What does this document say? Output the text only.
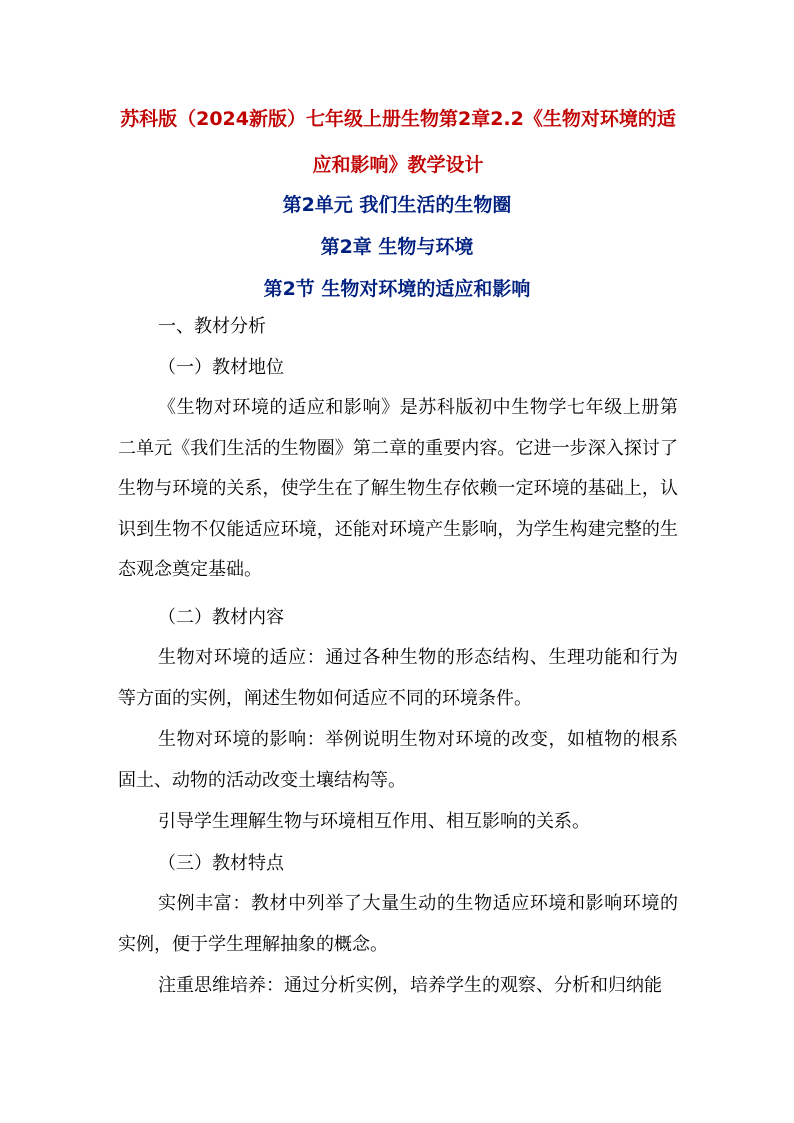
苏科版（2024新版）七年级上册生物第2章2.2《生物对环境的适应和影响》教学设计
第2单元 我们生活的生物圈
第2章 生物与环境
第2节 生物对环境的适应和影响
一、教材分析
（一）教材地位
《生物对环境的适应和影响》是苏科版初中生物学七年级上册第二单元《我们生活的生物圈》第二章的重要内容。它进一步深入探讨了生物与环境的关系，使学生在了解生物生存依赖一定环境的基础上，认识到生物不仅能适应环境，还能对环境产生影响，为学生构建完整的生态观念奠定基础。
（二）教材内容
生物对环境的适应：通过各种生物的形态结构、生理功能和行为等方面的实例，阐述生物如何适应不同的环境条件。
生物对环境的影响：举例说明生物对环境的改变，如植物的根系固土、动物的活动改变土壤结构等。
引导学生理解生物与环境相互作用、相互影响的关系。
（三）教材特点
实例丰富：教材中列举了大量生动的生物适应环境和影响环境的实例，便于学生理解抽象的概念。
注重思维培养：通过分析实例，培养学生的观察、分析和归纳能
